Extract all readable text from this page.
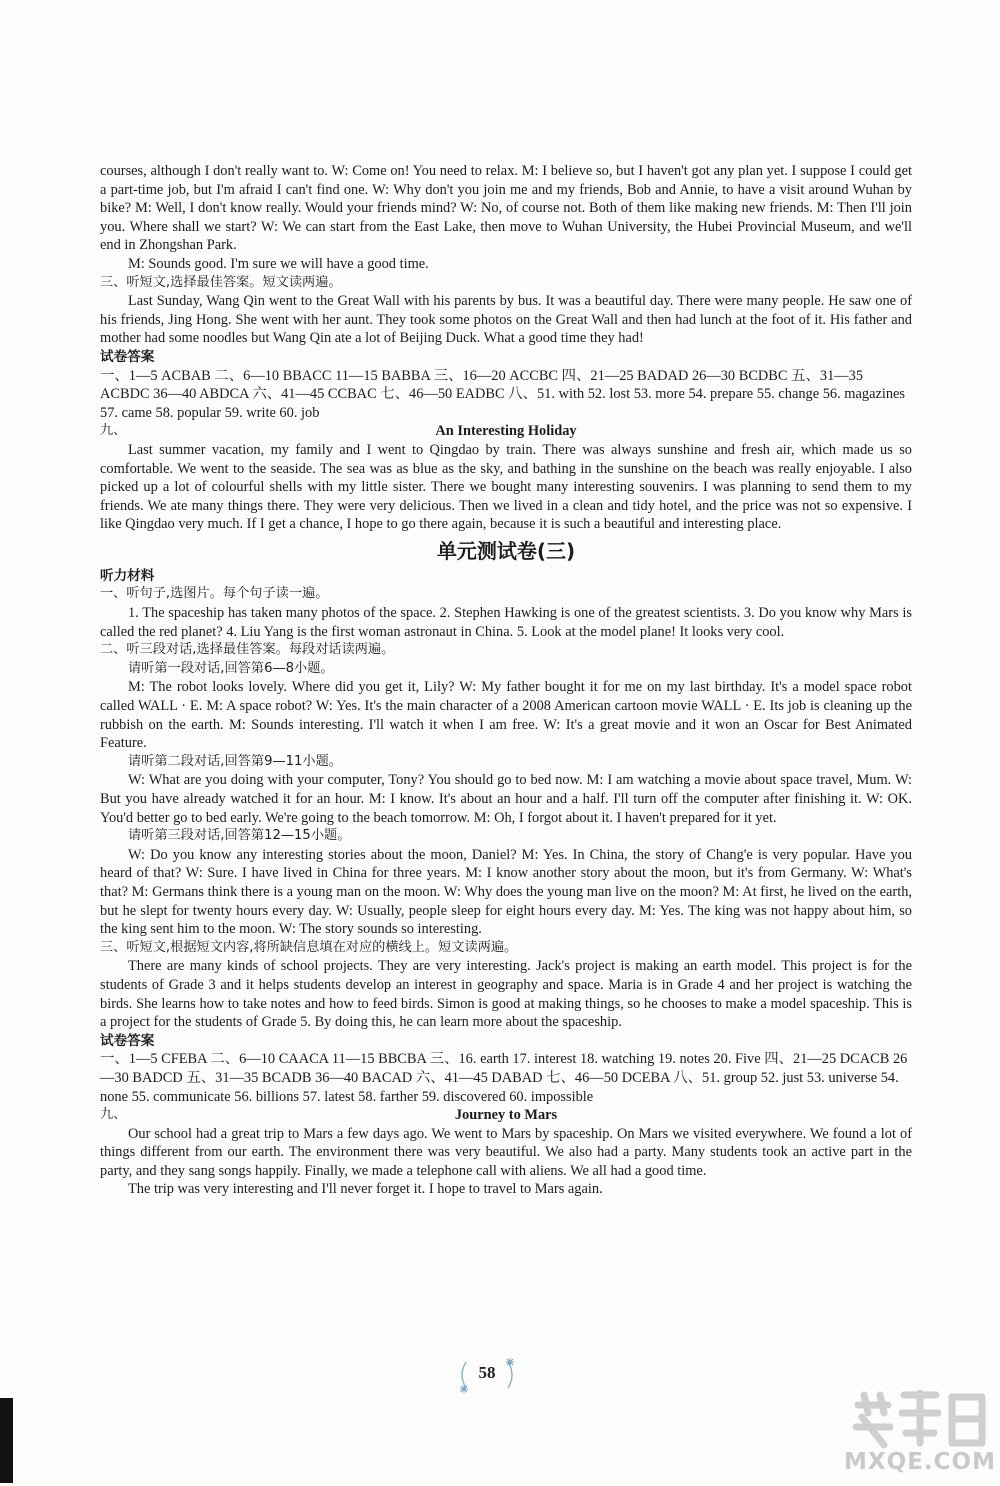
courses, although I don't really want to. W: Come on! You need to relax. M: I believe so, but I haven't got any plan yet. I suppose I could get a part-time job, but I'm afraid I can't find one. W: Why don't you join me and my friends, Bob and Annie, to have a visit around Wuhan by bike? M: Well, I don't know really. Would your friends mind? W: No, of course not. Both of them like making new friends. M: Then I'll join you. Where shall we start? W: We can start from the East Lake, then move to Wuhan University, the Hubei Provincial Museum, and we'll end in Zhongshan Park.

M: Sounds good. I'm sure we will have a good time.

三、听短文,选择最佳答案。短文读两遍。

Last Sunday, Wang Qin went to the Great Wall with his parents by bus. It was a beautiful day. There were many people. He saw one of his friends, Jing Hong. She went with her aunt. They took some photos on the Great Wall and then had lunch at the foot of it. His father and mother had some noodles but Wang Qin ate a lot of Beijing Duck. What a good time they had!

试卷答案

一、1—5 ACBAB 二、6—10 BBACC 11—15 BABBA 三、16—20 ACCBC 四、21—25 BADAD 26—30 BCDBC 五、31—35 ACBDC 36—40 ABDCA 六、41—45 CCBAC 七、46—50 EADBC 八、51. with 52. lost 53. more 54. prepare 55. change 56. magazines 57. came 58. popular 59. write 60. job

九、	An Interesting Holiday

Last summer vacation, my family and I went to Qingdao by train. There was always sunshine and fresh air, which made us so comfortable. We went to the seaside. The sea was as blue as the sky, and bathing in the sunshine on the beach was really enjoyable. I also picked up a lot of colourful shells with my little sister. There we bought many interesting souvenirs. I was planning to send them to my friends. We ate many things there. They were very delicious. Then we lived in a clean and tidy hotel, and the price was not so expensive. I like Qingdao very much. If I get a chance, I hope to go there again, because it is such a beautiful and interesting place.

单元测试卷(三)

听力材料

一、听句子,选图片。每个句子读一遍。

1. The spaceship has taken many photos of the space. 2. Stephen Hawking is one of the greatest scientists. 3. Do you know why Mars is called the red planet? 4. Liu Yang is the first woman astronaut in China. 5. Look at the model plane! It looks very cool.

二、听三段对话,选择最佳答案。每段对话读两遍。

请听第一段对话,回答第6—8小题。

M: The robot looks lovely. Where did you get it, Lily? W: My father bought it for me on my last birthday. It's a model space robot called WALL · E. M: A space robot? W: Yes. It's the main character of a 2008 American cartoon movie WALL · E. Its job is cleaning up the rubbish on the earth. M: Sounds interesting. I'll watch it when I am free. W: It's a great movie and it won an Oscar for Best Animated Feature.

请听第二段对话,回答第9—11小题。

W: What are you doing with your computer, Tony? You should go to bed now. M: I am watching a movie about space travel, Mum. W: But you have already watched it for an hour. M: I know. It's about an hour and a half. I'll turn off the computer after finishing it. W: OK. You'd better go to bed early. We're going to the beach tomorrow. M: Oh, I forgot about it. I haven't prepared for it yet.

请听第三段对话,回答第12—15小题。

W: Do you know any interesting stories about the moon, Daniel? M: Yes. In China, the story of Chang'e is very popular. Have you heard of that? W: Sure. I have lived in China for three years. M: I know another story about the moon, but it's from Germany. W: What's that? M: Germans think there is a young man on the moon. W: Why does the young man live on the moon? M: At first, he lived on the earth, but he slept for twenty hours every day. W: Usually, people sleep for eight hours every day. M: Yes. The king was not happy about him, so the king sent him to the moon. W: The story sounds so interesting.

三、听短文,根据短文内容,将所缺信息填在对应的横线上。短文读两遍。

There are many kinds of school projects. They are very interesting. Jack's project is making an earth model. This project is for the students of Grade 3 and it helps students develop an interest in geography and space. Maria is in Grade 4 and her project is watching the birds. She learns how to take notes and how to feed birds. Simon is good at making things, so he chooses to make a model spaceship. This is a project for the students of Grade 5. By doing this, he can learn more about the spaceship.

试卷答案

一、1—5 CFEBA 二、6—10 CAACA 11—15 BBCBA 三、16. earth 17. interest 18. watching 19. notes 20. Five 四、21—25 DCACB 26—30 BADCD 五、31—35 BCADB 36—40 BACAD 六、41—45 DABAD 七、46—50 DCEBA 八、51. group 52. just 53. universe 54. none 55. communicate 56. billions 57. latest 58. farther 59. discovered 60. impossible

九、	Journey to Mars

Our school had a great trip to Mars a few days ago. We went to Mars by spaceship. On Mars we visited everywhere. We found a lot of things different from our earth. The environment there was very beautiful. We also had a party. Many students took an active part in the party, and they sang songs happily. Finally, we made a telephone call with aliens. We all had a good time.

The trip was very interesting and I'll never forget it. I hope to travel to Mars again.

58
MXQE.COM
